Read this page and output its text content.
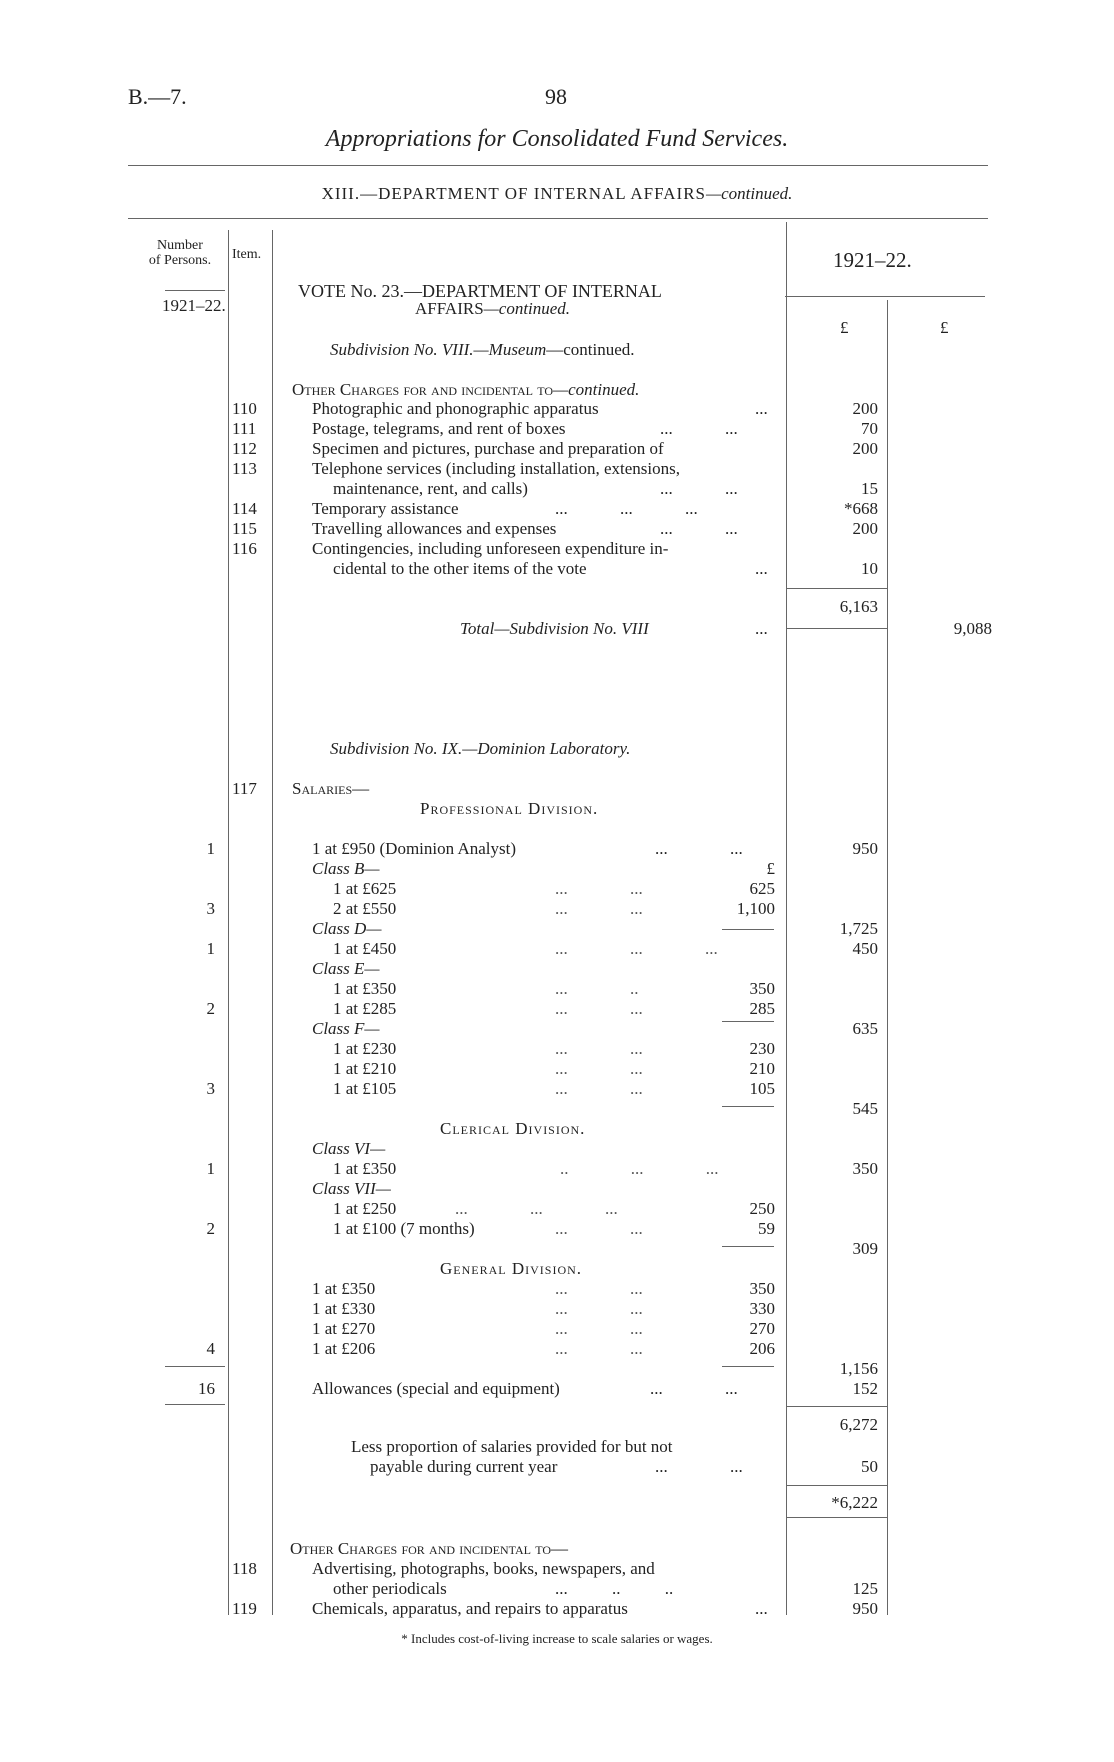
B.—7.	98
Appropriations for Consolidated Fund Services.
XIII.—DEPARTMENT OF INTERNAL AFFAIRS—continued.
Number
of Persons.
1921–22.
Item.	1921–22.
£	£
VOTE No. 23.—DEPARTMENT OF INTERNAL
AFFAIRS—continued.
Subdivision No. VIII.—Museum—continued.
Other Charges for and incidental to—continued.
110	Photographic and phonographic apparatus	...	200
111	Postage, telegrams, and rent of boxes	... ...	70
112	Specimen and pictures, purchase and preparation of	200
113	Telephone services (including installation, extensions,
maintenance, rent, and calls)	... ...	15
114	Temporary assistance	... ... ...	*668
115	Travelling allowances and expenses	... ...	200
116	Contingencies, including unforeseen expenditure in-
cidental to the other items of the vote	...	10
6,163
Total—Subdivision No. VIII	...	9,088
Subdivision No. IX.—Dominion Laboratory.
117 Salaries—
Professional Division.
1	1 at £950 (Dominion Analyst)	... ...	950
Class B—	£
1 at £625	... ...	625
3	2 at £550	... ...	1,100
Class D—	1,725
1	1 at £450	... ... ...	450
Class E—
1 at £350	... ..	350
2	1 at £285	... ...	285
Class F—	635
1 at £230	... ...	230
1 at £210	... ...	210
3	1 at £105	... ...	105
545
Clerical Division.
Class VI—
1	1 at £350	.. ... ...	350
Class VII—
1 at £250	... ... ...	250
2	1 at £100 (7 months)	... ...	59
309
General Division.
1 at £350	... ...	350
1 at £330	... ...	330
1 at £270	... ...	270
4	1 at £206	... ...	206
1,156
16	Allowances (special and equipment)	... ...	152
6,272
Less proportion of salaries provided for but not
payable during current year	... ...	50
*6,222
Other Charges for and incidental to—
118	Advertising, photographs, books, newspapers, and
other periodicals	... .. ..	125
119	Chemicals, apparatus, and repairs to apparatus	...	950
* Includes cost-of-living increase to scale salaries or wages.
